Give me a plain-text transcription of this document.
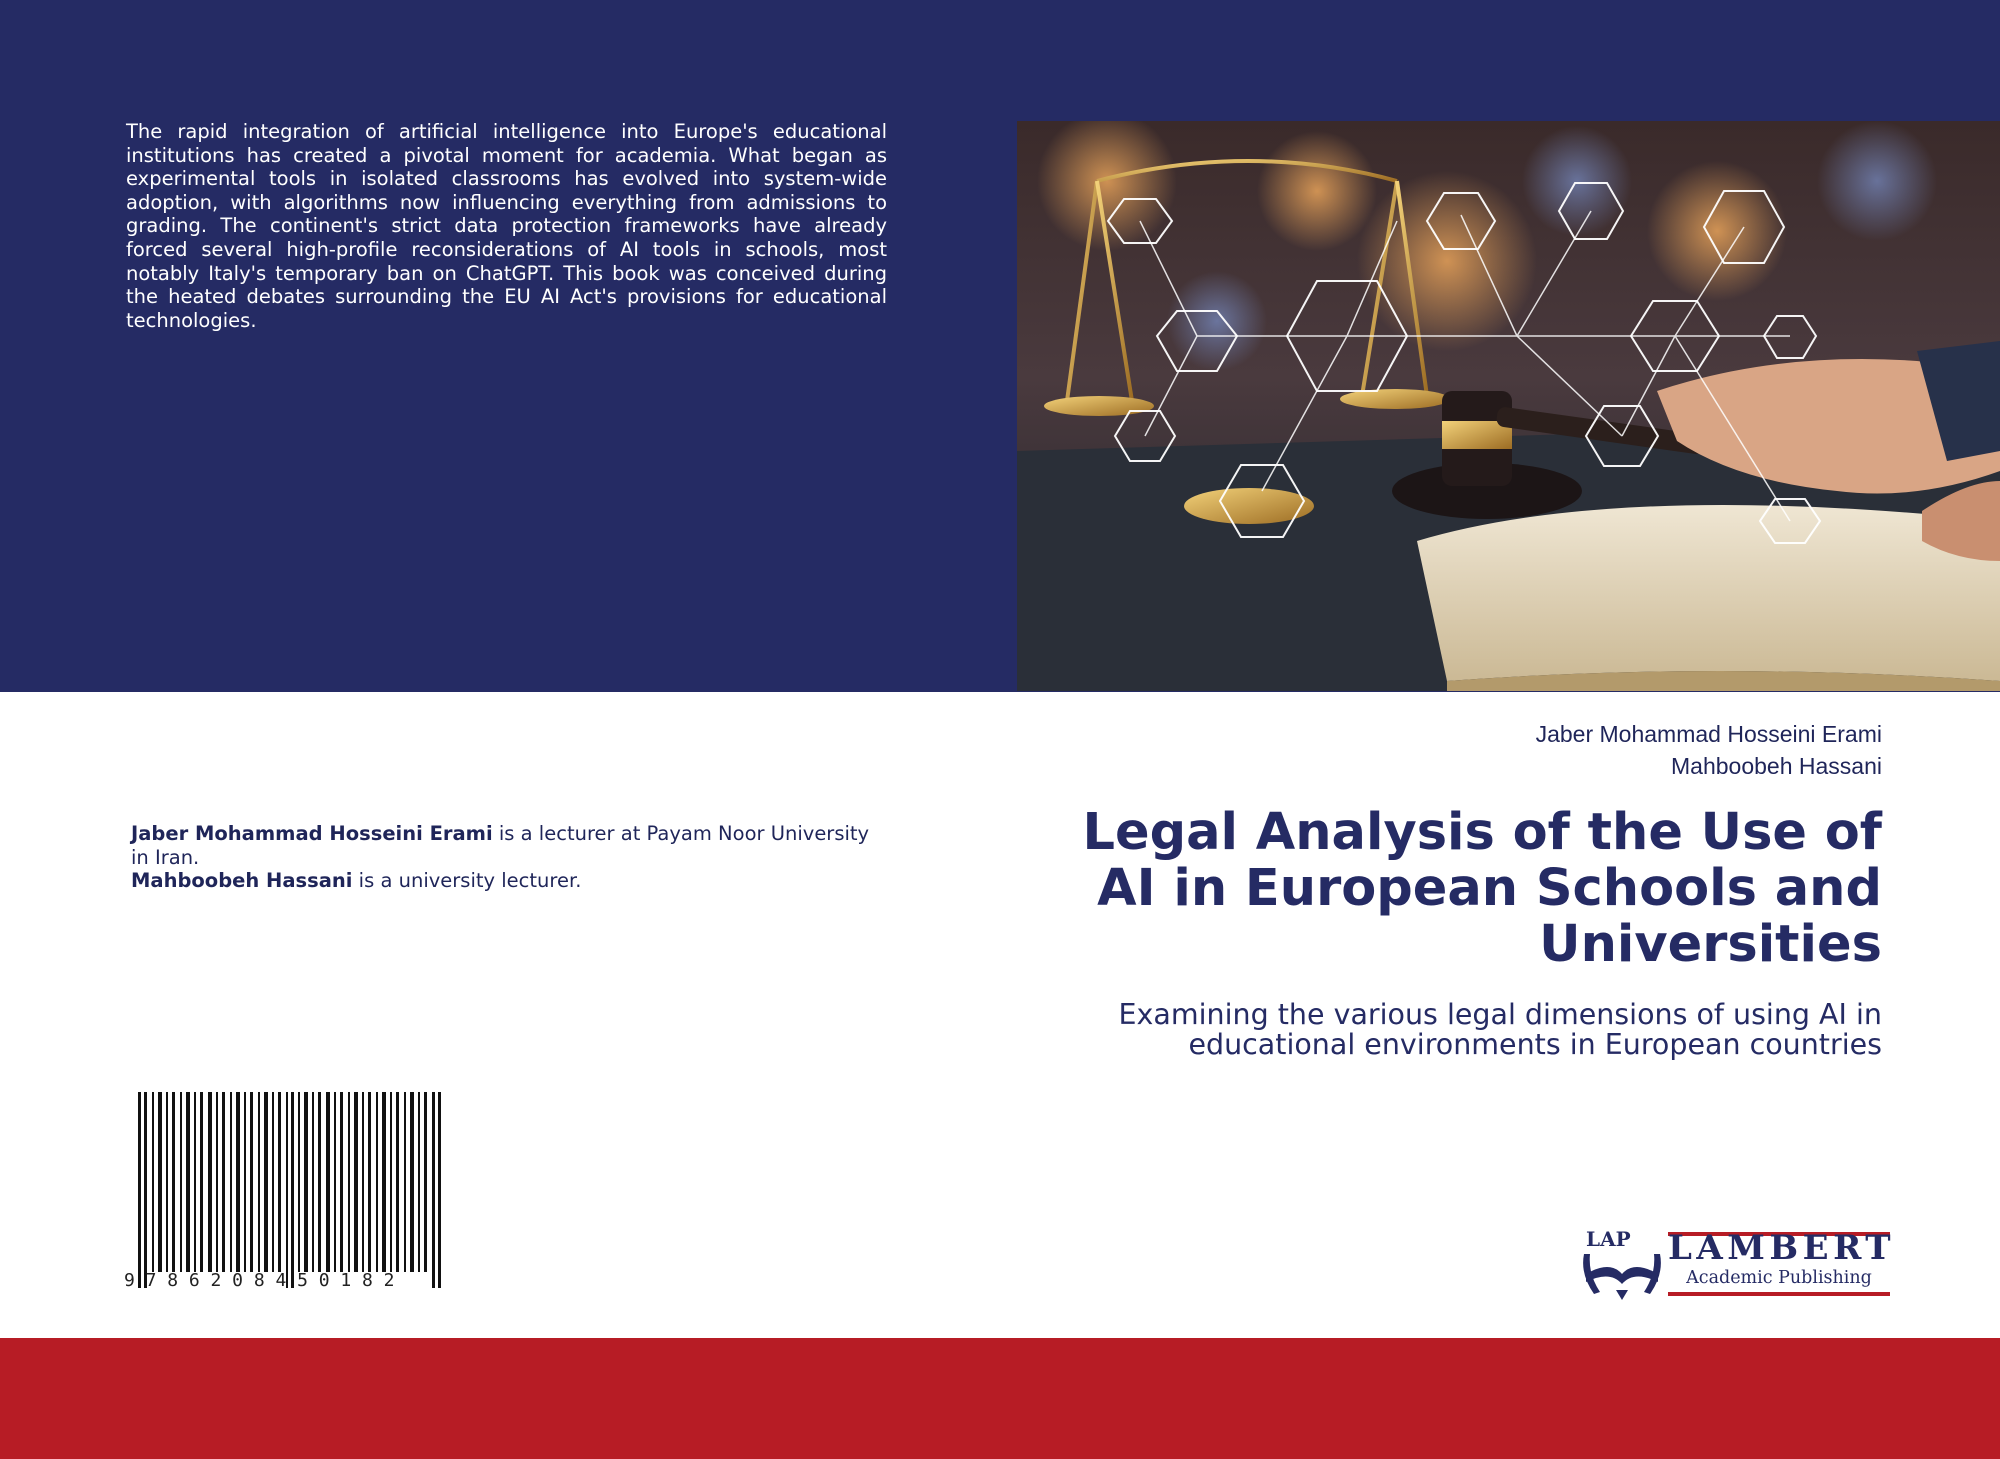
The rapid integration of artificial intelligence into Europe's educational institutions has created a pivotal moment for academia. What began as experimental tools in isolated classrooms has evolved into system-wide adoption, with algorithms now influencing everything from admissions to grading. The continent's strict data protection frameworks have already forced several high-profile reconsiderations of AI tools in schools, most notably Italy's temporary ban on ChatGPT. This book was conceived during the heated debates surrounding the EU AI Act's provisions for educational technologies.

Jaber Mohammad Hosseini Erami is a lecturer at Payam Noor University in Iran.

Mahboobeh Hassani is a university lecturer.

9786208450182
Jaber Mohammad Hosseini Erami
Mahboobeh Hassani
Legal Analysis of the Use of AI in European Schools and Universities

Examining the various legal dimensions of using AI in educational environments in European countries

LAP LAMBERT
Academic Publishing
